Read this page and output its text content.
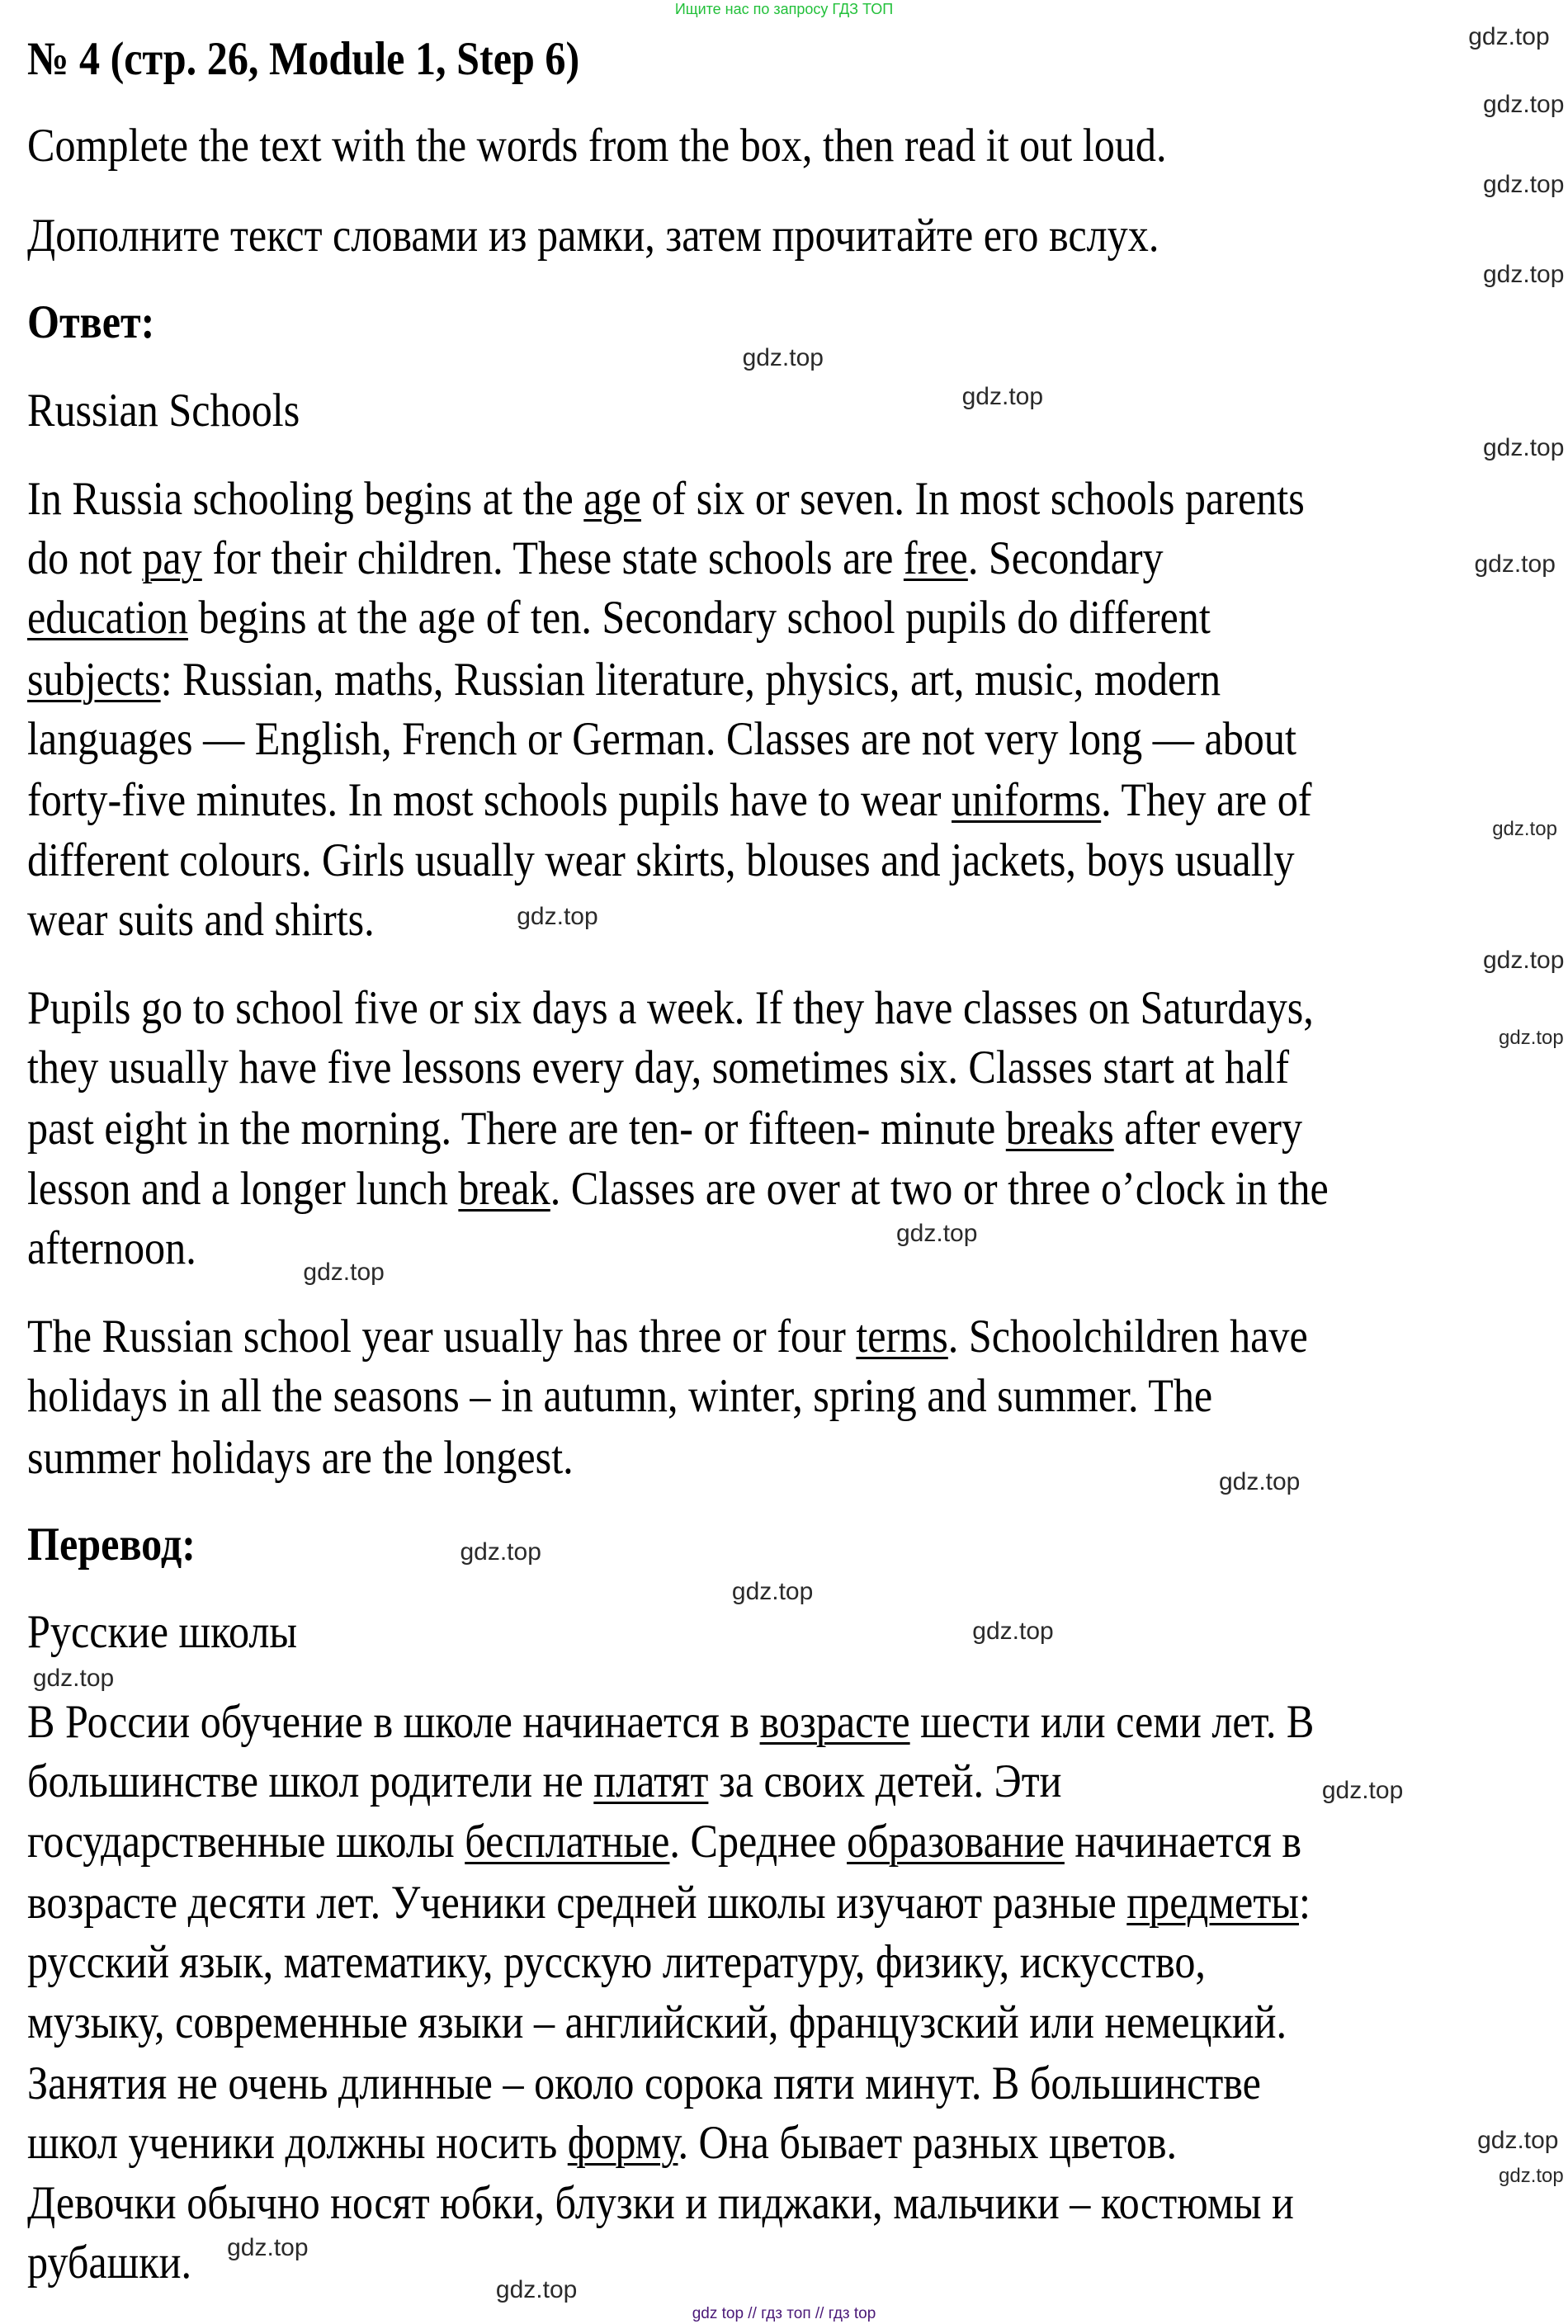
Ищите нас по запросу ГДЗ ТОП
№ 4 (стр. 26, Module 1, Step 6)
Complete the text with the words from the box, then read it out loud.
Дополните текст словами из рамки, затем прочитайте его вслух.
Ответ:
Russian Schools
In Russia schooling begins at the age of six or seven. In most schools parents
do not pay for their children. These state schools are free. Secondary
education begins at the age of ten. Secondary school pupils do different
subjects: Russian, maths, Russian literature, physics, art, music, modern
languages — English, French or German. Classes are not very long — about
forty-five minutes. In most schools pupils have to wear uniforms. They are of
different colours. Girls usually wear skirts, blouses and jackets, boys usually
wear suits and shirts.
Pupils go to school five or six days a week. If they have classes on Saturdays,
they usually have five lessons every day, sometimes six. Classes start at half
past eight in the morning. There are ten- or fifteen- minute breaks after every
lesson and a longer lunch break. Classes are over at two or three o’clock in the
afternoon.
The Russian school year usually has three or four terms. Schoolchildren have
holidays in all the seasons – in autumn, winter, spring and summer. The
summer holidays are the longest.
Перевод:
Русские школы
В России обучение в школе начинается в возрасте шести или семи лет. В
большинстве школ родители не платят за своих детей. Эти
государственные школы бесплатные. Среднее образование начинается в
возрасте десяти лет. Ученики средней школы изучают разные предметы:
русский язык, математику, русскую литературу, физику, искусство,
музыку, современные языки – английский, французский или немецкий.
Занятия не очень длинные – около сорока пяти минут. В большинстве
школ ученики должны носить форму. Она бывает разных цветов.
Девочки обычно носят юбки, блузки и пиджаки, мальчики – костюмы и
рубашки.
gdz.top
gdz.top
gdz.top
gdz.top
gdz.top
gdz.top
gdz.top
gdz.top
gdz.top
gdz.top
gdz.top
gdz.top
gdz.top
gdz.top
gdz.top
gdz.top
gdz.top
gdz.top
gdz.top
gdz.top
gdz.top
gdz.top
gdz.top
gdz.top
gdz top // гдз топ // гдз top
